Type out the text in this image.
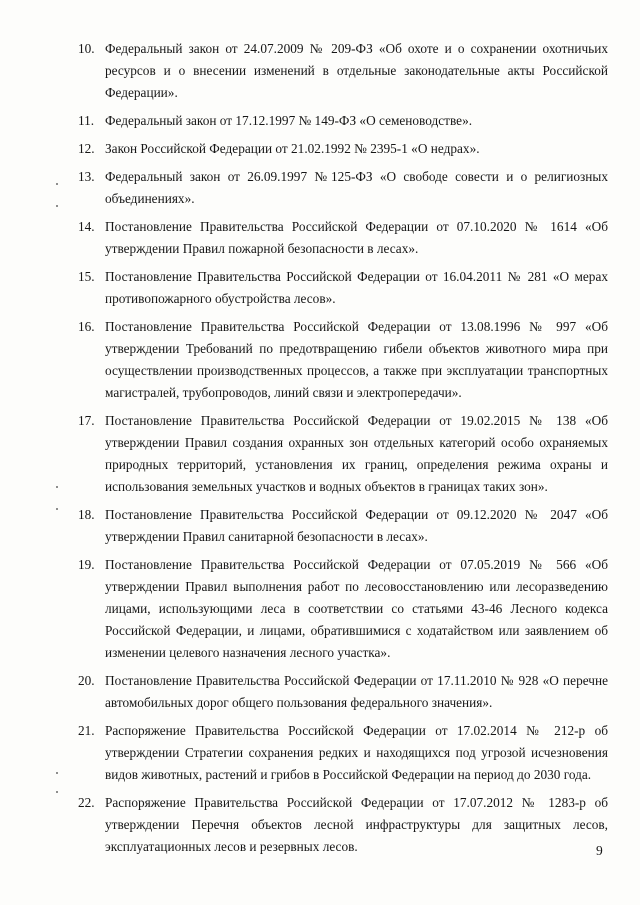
10. Федеральный закон от 24.07.2009 № 209-ФЗ «Об охоте и о сохранении охотничьих ресурсов и о внесении изменений в отдельные законодательные акты Российской Федерации».
11. Федеральный закон от 17.12.1997 № 149-ФЗ «О семеноводстве».
12. Закон Российской Федерации от 21.02.1992 № 2395-1 «О недрах».
13. Федеральный закон от 26.09.1997 №125-ФЗ «О свободе совести и о религиозных объединениях».
14. Постановление Правительства Российской Федерации от 07.10.2020 № 1614 «Об утверждении Правил пожарной безопасности в лесах».
15. Постановление Правительства Российской Федерации от 16.04.2011 № 281 «О мерах противопожарного обустройства лесов».
16. Постановление Правительства Российской Федерации от 13.08.1996 № 997 «Об утверждении Требований по предотвращению гибели объектов животного мира при осуществлении производственных процессов, а также при эксплуатации транспортных магистралей, трубопроводов, линий связи и электропередачи».
17. Постановление Правительства Российской Федерации от 19.02.2015 № 138 «Об утверждении Правил создания охранных зон отдельных категорий особо охраняемых природных территорий, установления их границ, определения режима охраны и использования земельных участков и водных объектов в границах таких зон».
18. Постановление Правительства Российской Федерации от 09.12.2020 № 2047 «Об утверждении Правил санитарной безопасности в лесах».
19. Постановление Правительства Российской Федерации от 07.05.2019 № 566 «Об утверждении Правил выполнения работ по лесовосстановлению или лесоразведению лицами, использующими леса в соответствии со статьями 43-46 Лесного кодекса Российской Федерации, и лицами, обратившимися с ходатайством или заявлением об изменении целевого назначения лесного участка».
20. Постановление Правительства Российской Федерации от 17.11.2010 № 928 «О перечне автомобильных дорог общего пользования федерального значения».
21. Распоряжение Правительства Российской Федерации от 17.02.2014 № 212-р об утверждении Стратегии сохранения редких и находящихся под угрозой исчезновения видов животных, растений и грибов в Российской Федерации на период до 2030 года.
22. Распоряжение Правительства Российской Федерации от 17.07.2012 № 1283-р об утверждении Перечня объектов лесной инфраструктуры для защитных лесов, эксплуатационных лесов и резервных лесов.	9
